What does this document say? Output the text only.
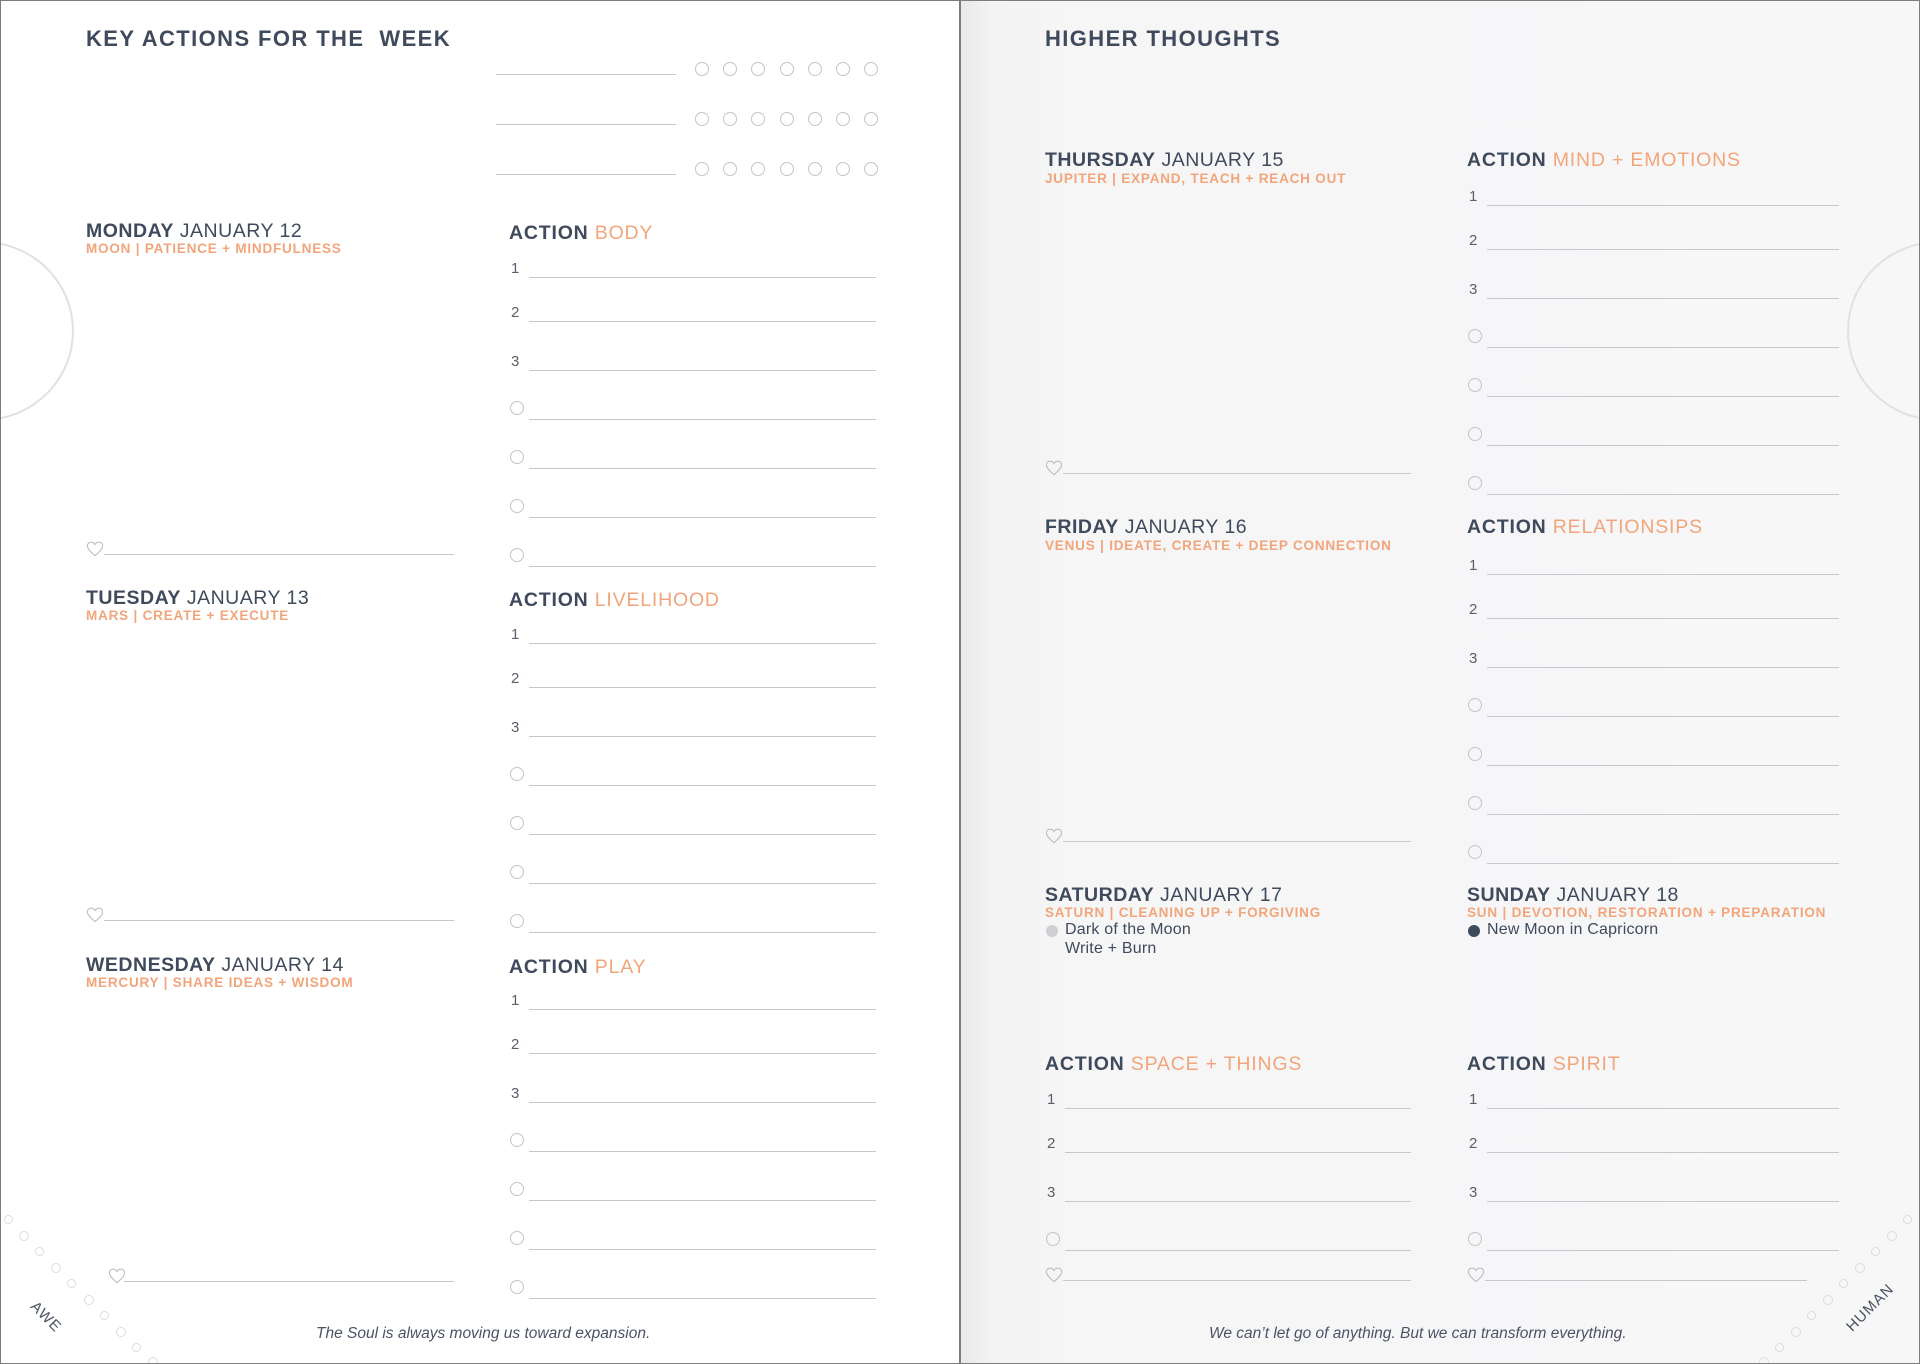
KEY ACTIONS FOR THE  WEEK
MONDAY JANUARY 12
MOON | PATIENCE + MINDFULNESS
ACTION BODY
1
2
3
TUESDAY JANUARY 13
MARS | CREATE + EXECUTE
ACTION LIVELIHOOD
1
2
3
WEDNESDAY JANUARY 14
MERCURY | SHARE IDEAS + WISDOM
ACTION PLAY
1
2
3
The Soul is always moving us toward expansion.
AWE
HIGHER THOUGHTS
THURSDAY JANUARY 15
JUPITER | EXPAND, TEACH + REACH OUT
ACTION MIND + EMOTIONS
1
2
3
FRIDAY JANUARY 16
VENUS | IDEATE, CREATE + DEEP CONNECTION
ACTION RELATIONSIPS
1
2
3
SATURDAY JANUARY 17
SATURN | CLEANING UP + FORGIVING
Dark of the Moon
Write + Burn
SUNDAY JANUARY 18
SUN | DEVOTION, RESTORATION + PREPARATION
New Moon in Capricorn
ACTION SPACE + THINGS
1
2
3
ACTION SPIRIT
1
2
3
We can’t let go of anything. But we can transform everything.	HUMAN
